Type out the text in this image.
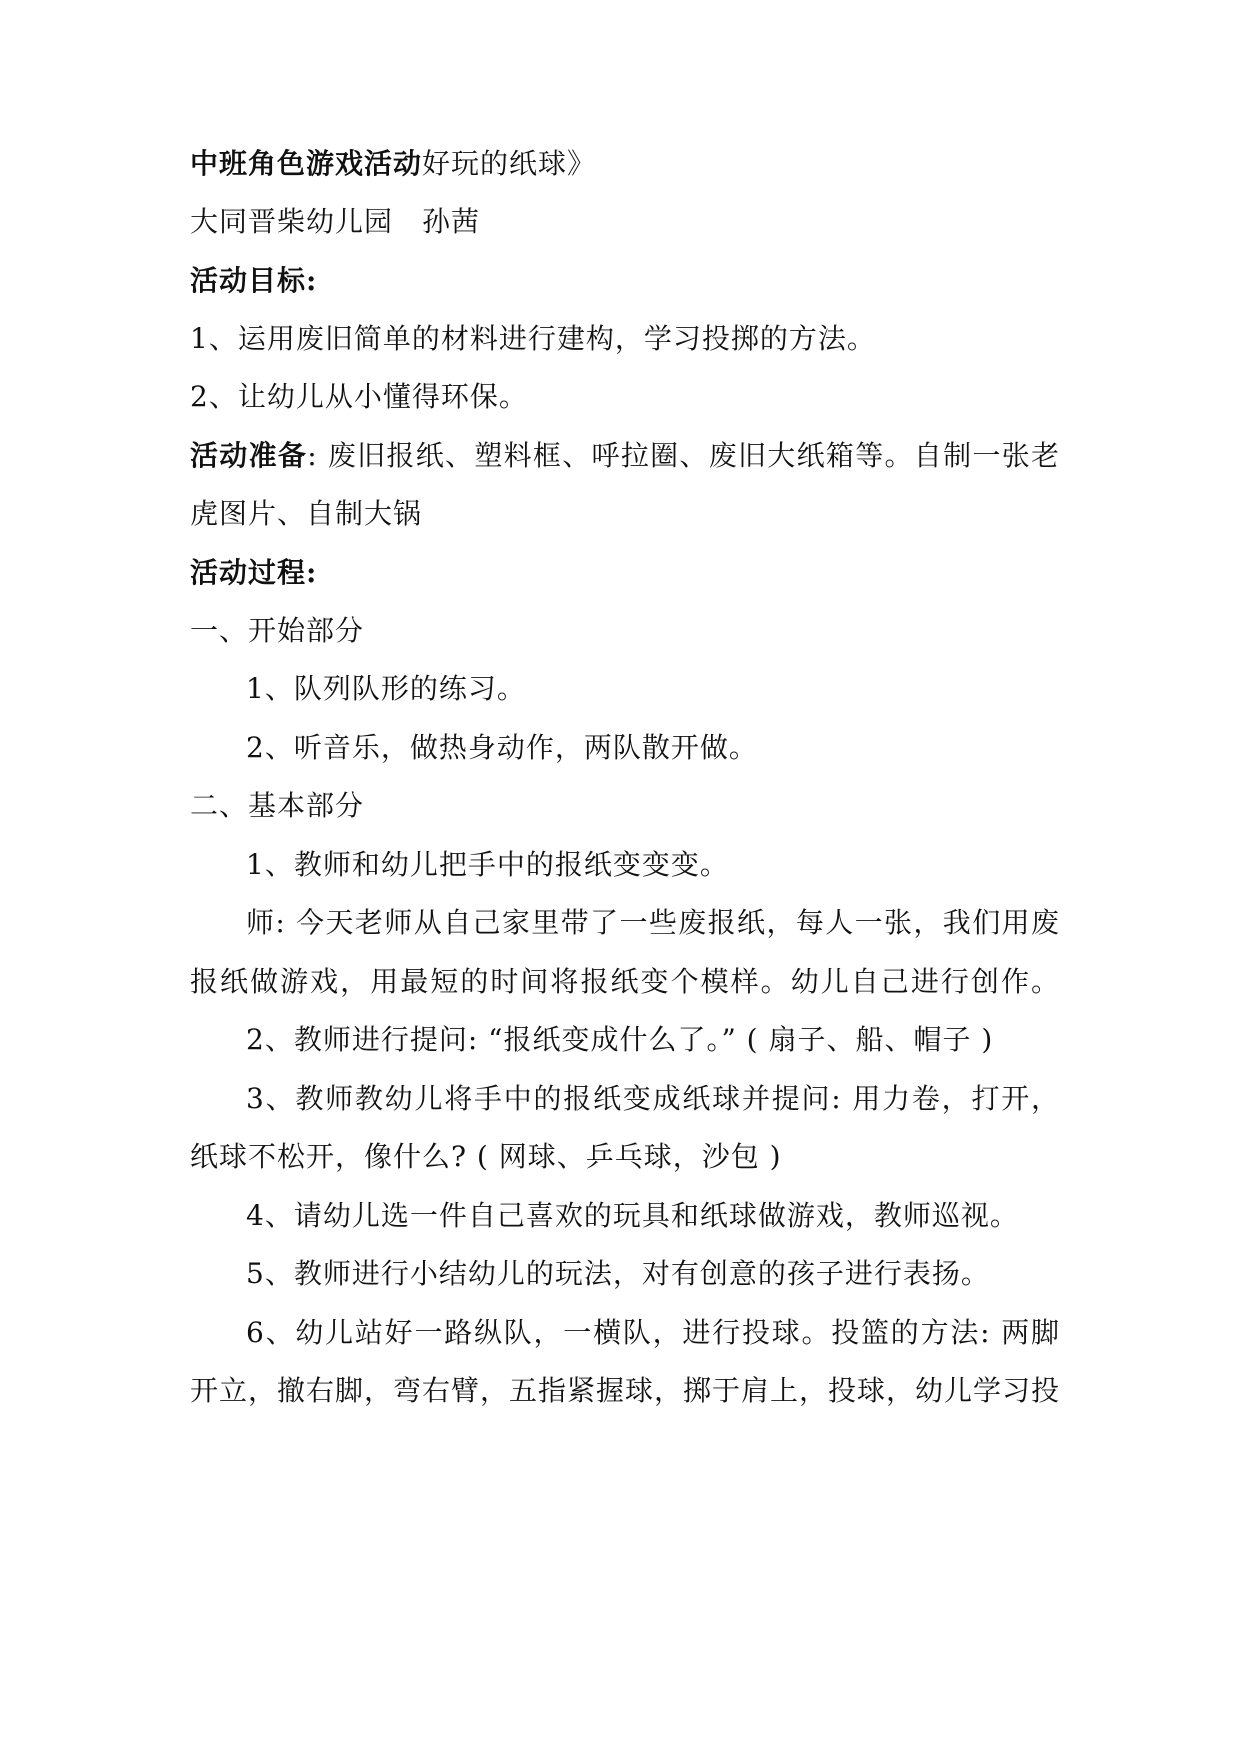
中班角色游戏活动好玩的纸球》
大同晋柴幼儿园　孙茜
活动目标:
1、运用废旧简单的材料进行建构，学习投掷的方法。
2、让幼儿从小懂得环保。
活动准备: 废旧报纸、塑料框、呼拉圈、废旧大纸箱等。自制一张老
虎图片、自制大锅
活动过程:
一、开始部分
1、队列队形的练习。
2、听音乐，做热身动作，两队散开做。
二、基本部分
1、教师和幼儿把手中的报纸变变变。
师: 今天老师从自己家里带了一些废报纸，每人一张，我们用废
报纸做游戏，用最短的时间将报纸变个模样。幼儿自己进行创作。
2、教师进行提问: “报纸变成什么了。” ( 扇子、船、帽子 )
3、教师教幼儿将手中的报纸变成纸球并提问: 用力卷，打开，
纸球不松开，像什么? ( 网球、乒乓球，沙包 )
4、请幼儿选一件自己喜欢的玩具和纸球做游戏，教师巡视。
5、教师进行小结幼儿的玩法，对有创意的孩子进行表扬。
6、幼儿站好一路纵队，一横队，进行投球。投篮的方法: 两脚
开立，撤右脚，弯右臂，五指紧握球，掷于肩上，投球，幼儿学习投
